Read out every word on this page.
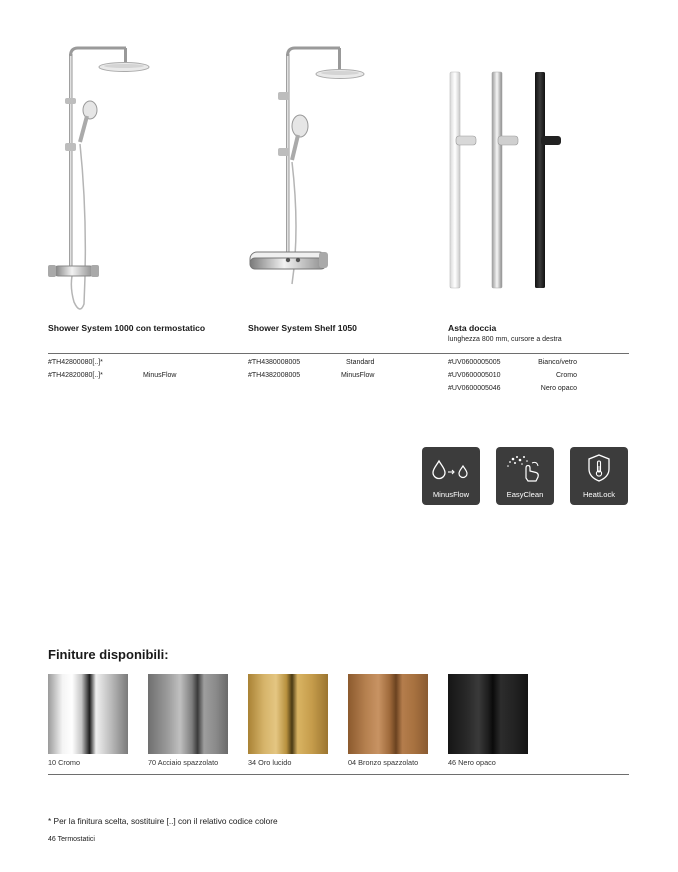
Shower System 1000 con termostatico	Shower System Shelf 1050	Asta doccia
lunghezza 800 mm, cursore a destra
#TH42800080[..]*
#TH42820080[..]*	MinusFlow
#TH4380008005	Standard
#TH4382008005	MinusFlow
#UV0600005005	Bianco/vetro
#UV0600005010	Cromo
#UV0600005046	Nero opaco
MinusFlow	EasyClean	HeatLock
Finiture disponibili:
10 Cromo	70 Acciaio spazzolato	34 Oro lucido	04 Bronzo spazzolato	46 Nero opaco
* Per la finitura scelta, sostituire [..] con il relativo codice colore
46 Termostatici
